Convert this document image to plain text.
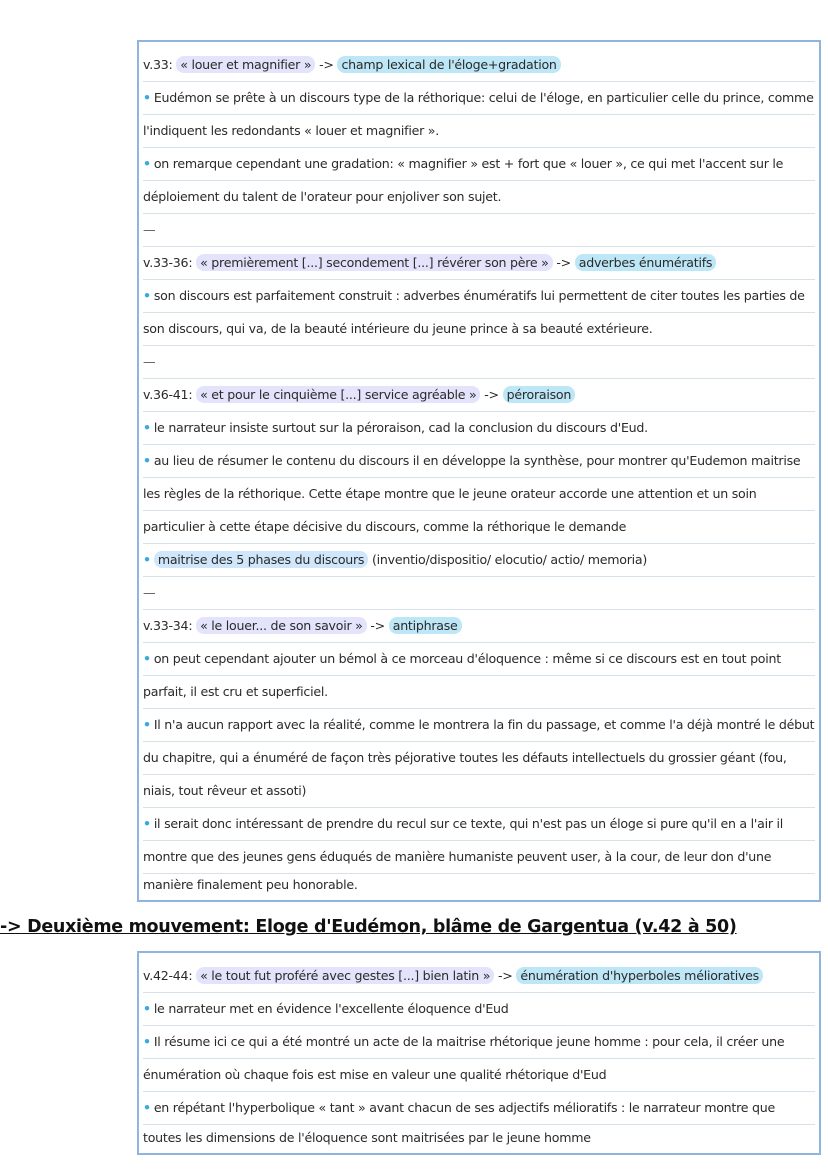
v.33: « louer et magnifier » -> champ lexical de l'éloge+gradation
• Eudémon se prête à un discours type de la réthorique: celui de l'éloge, en particulier celle du prince, comme
l'indiquent les redondants « louer et magnifier ».
• on remarque cependant une gradation: « magnifier » est + fort que « louer », ce qui met l'accent sur le
déploiement du talent de l'orateur pour enjoliver son sujet.
—
v.33-36: « premièrement [...] secondement [...] révérer son père » -> adverbes énumératifs
• son discours est parfaitement construit : adverbes énumératifs lui permettent de citer toutes les parties de
son discours, qui va, de la beauté intérieure du jeune prince à sa beauté extérieure.
—
v.36-41: « et pour le cinquième [...] service agréable » -> péroraison
• le narrateur insiste surtout sur la péroraison, cad la conclusion du discours d'Eud.
• au lieu de résumer le contenu du discours il en développe la synthèse, pour montrer qu'Eudemon maitrise
les règles de la réthorique. Cette étape montre que le jeune orateur accorde une attention et un soin
particulier à cette étape décisive du discours, comme la réthorique le demande
• maitrise des 5 phases du discours (inventio/dispositio/ elocutio/ actio/ memoria)
—
v.33-34: « le louer... de son savoir » -> antiphrase
• on peut cependant ajouter un bémol à ce morceau d'éloquence : même si ce discours est en tout point
parfait, il est cru et superficiel.
• Il n'a aucun rapport avec la réalité, comme le montrera la fin du passage, et comme l'a déjà montré le début
du chapitre, qui a énuméré de façon très péjorative toutes les défauts intellectuels du grossier géant (fou,
niais, tout rêveur et assoti)
• il serait donc intéressant de prendre du recul sur ce texte, qui n'est pas un éloge si pure qu'il en a l'air il
montre que des jeunes gens éduqués de manière humaniste peuvent user, à la cour, de leur don d'une
manière finalement peu honorable.
-> Deuxième mouvement: Eloge d'Eudémon, blâme de Gargentua (v.42 à 50)
v.42-44: « le tout fut proféré avec gestes [...] bien latin » -> énumération d'hyperboles mélioratives
• le narrateur met en évidence l'excellente éloquence d'Eud
• Il résume ici ce qui a été montré un acte de la maitrise rhétorique jeune homme : pour cela, il créer une
énumération où chaque fois est mise en valeur une qualité rhétorique d'Eud
• en répétant l'hyperbolique « tant » avant chacun de ses adjectifs mélioratifs : le narrateur montre que
toutes les dimensions de l'éloquence sont maitrisées par le jeune homme
